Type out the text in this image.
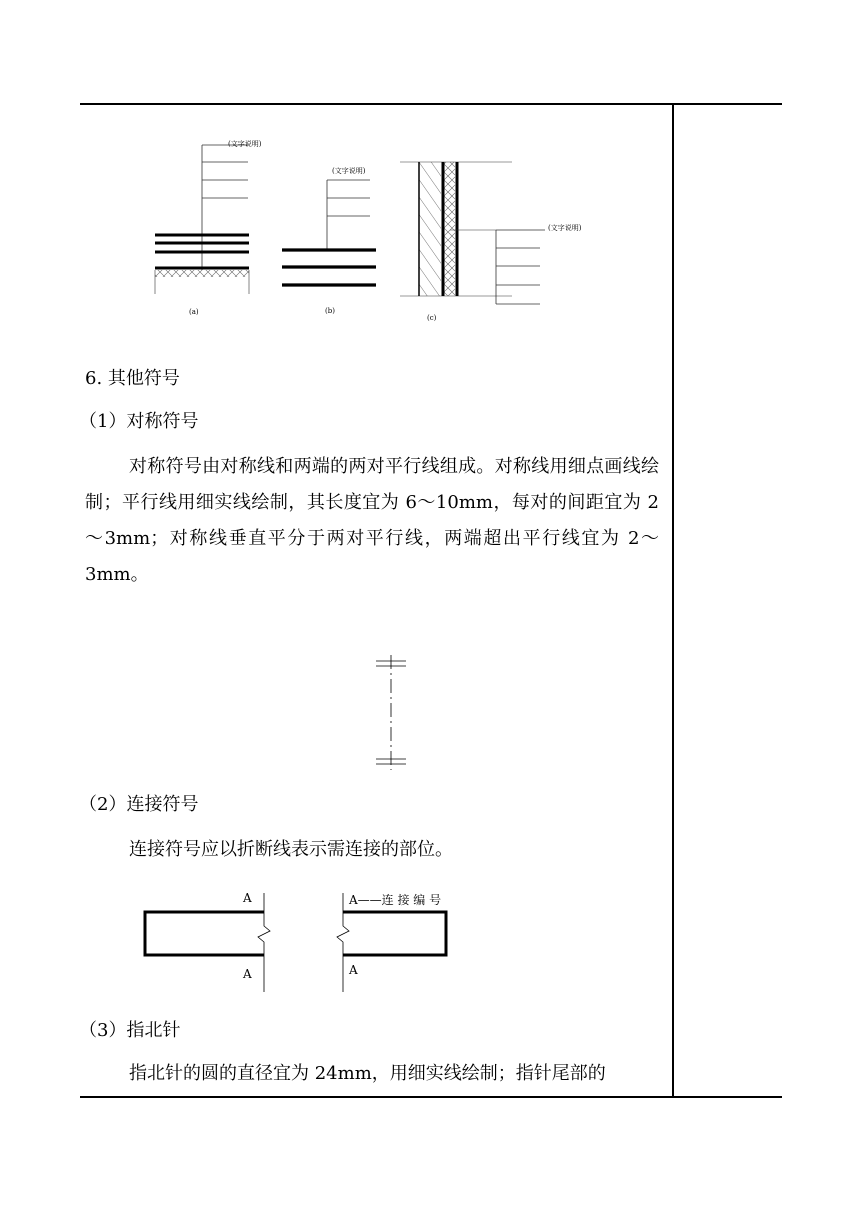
(文字说明)
(a)
(文字说明)
(b)
(文字说明)
(c)
6. 其他符号
（1）对称符号
对称符号由对称线和两端的两对平行线组成。对称线用细点画线绘制；平行线用细实线绘制，其长度宜为 6～10mm，每对的间距宜为 2～3mm；对称线垂直平分于两对平行线，两端超出平行线宜为 2～3mm。
（2）连接符号
连接符号应以折断线表示需连接的部位。
A
A
A——连 接 编 号
A
（3）指北针
指北针的圆的直径宜为 24mm，用细实线绘制；指针尾部的
